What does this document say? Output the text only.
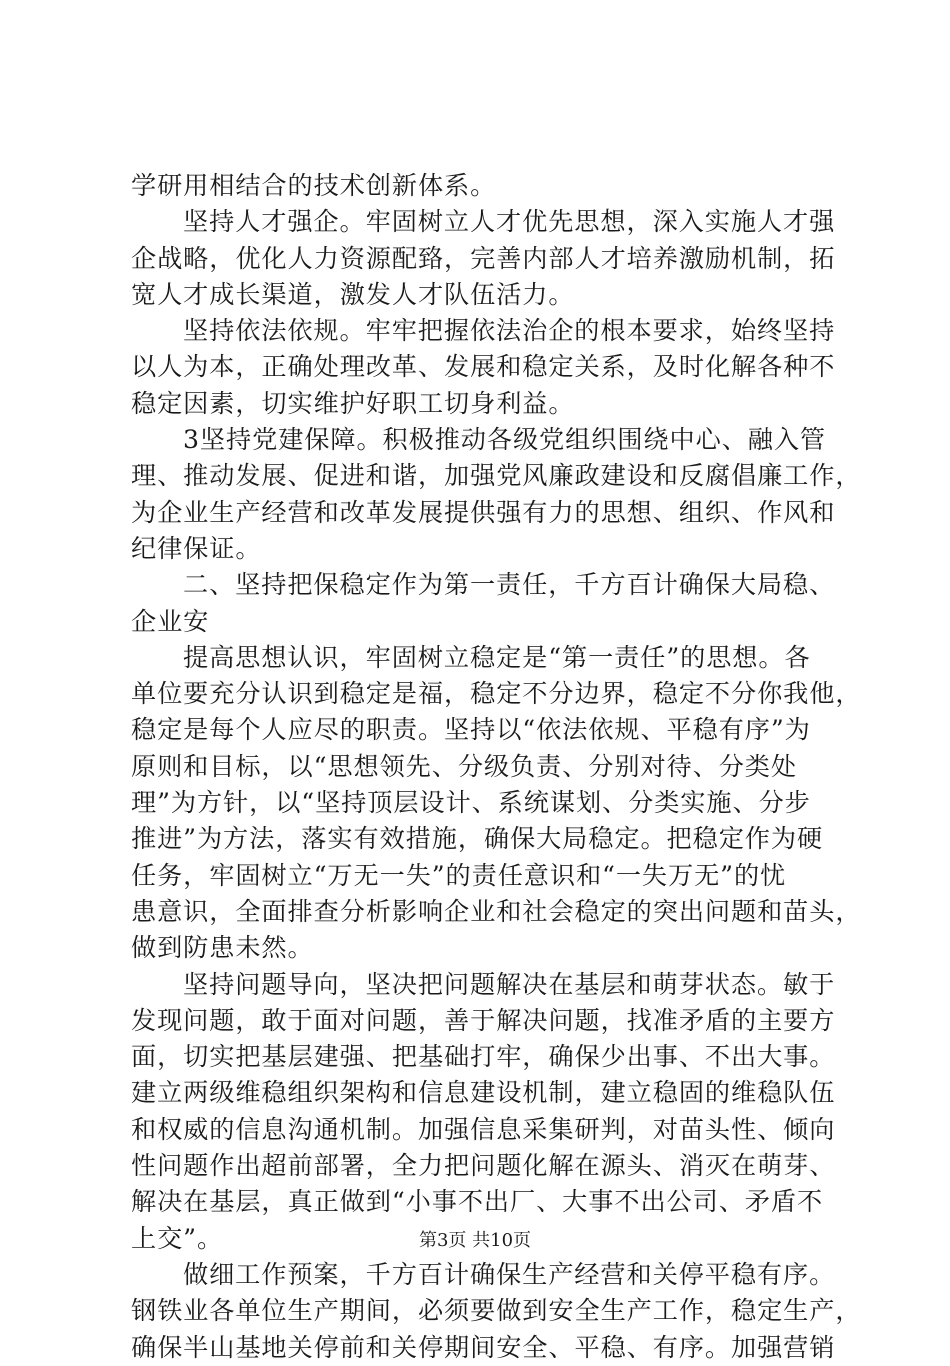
学研用相结合的技术创新体系。
坚持人才强企。牢固树立人才优先思想，深入实施人才强
企战略，优化人力资源配臵，完善内部人才培养激励机制，拓
宽人才成长渠道，激发人才队伍活力。
坚持依法依规。牢牢把握依法治企的根本要求，始终坚持
以人为本，正确处理改革、发展和稳定关系，及时化解各种不
稳定因素，切实维护好职工切身利益。
3坚持党建保障。积极推动各级党组织围绕中心、融入管
理、推动发展、促进和谐，加强党风廉政建设和反腐倡廉工作，
为企业生产经营和改革发展提供强有力的思想、组织、作风和
纪律保证。
二、坚持把保稳定作为第一责任，千方百计确保大局稳、
企业安
提高思想认识，牢固树立稳定是“第一责任”的思想。各
单位要充分认识到稳定是福，稳定不分边界，稳定不分你我他，
稳定是每个人应尽的职责。坚持以“依法依规、平稳有序”为
原则和目标，以“思想领先、分级负责、分别对待、分类处
理”为方针，以“坚持顶层设计、系统谋划、分类实施、分步
推进”为方法，落实有效措施，确保大局稳定。把稳定作为硬
任务，牢固树立“万无一失”的责任意识和“一失万无”的忧
患意识，全面排查分析影响企业和社会稳定的突出问题和苗头，
做到防患未然。
坚持问题导向，坚决把问题解决在基层和萌芽状态。敏于
发现问题，敢于面对问题，善于解决问题，找准矛盾的主要方
面，切实把基层建强、把基础打牢，确保少出事、不出大事。
建立两级维稳组织架构和信息建设机制，建立稳固的维稳队伍
和权威的信息沟通机制。加强信息采集研判，对苗头性、倾向
性问题作出超前部署，全力把问题化解在源头、消灭在萌芽、
解决在基层，真正做到“小事不出厂、大事不出公司、矛盾不
上交”。
做细工作预案，千方百计确保生产经营和关停平稳有序。
钢铁业各单位生产期间，必须要做到安全生产工作，稳定生产，
确保半山基地关停前和关停期间安全、平稳、有序。加强营销
第3页 共10页
